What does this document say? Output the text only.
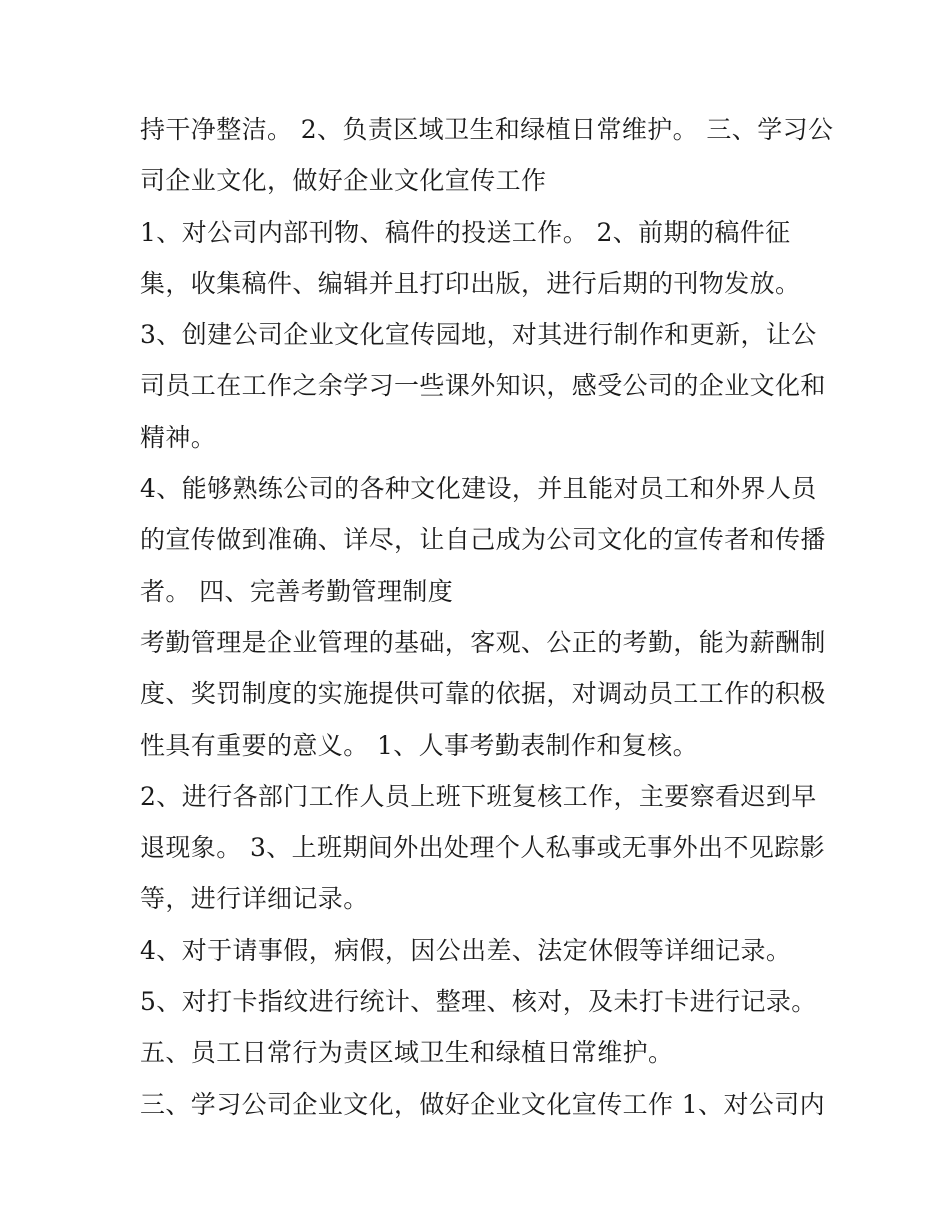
持干净整洁。 2、负责区域卫生和绿植日常维护。 三、学习公
司企业文化，做好企业文化宣传工作
1、对公司内部刊物、稿件的投送工作。 2、前期的稿件征
集，收集稿件、编辑并且打印出版，进行后期的刊物发放。
3、创建公司企业文化宣传园地，对其进行制作和更新，让公
司员工在工作之余学习一些课外知识，感受公司的企业文化和
精神。
4、能够熟练公司的各种文化建设，并且能对员工和外界人员
的宣传做到准确、详尽，让自己成为公司文化的宣传者和传播
者。 四、完善考勤管理制度
考勤管理是企业管理的基础，客观、公正的考勤，能为薪酬制
度、奖罚制度的实施提供可靠的依据，对调动员工工作的积极
性具有重要的意义。 1、人事考勤表制作和复核。
2、进行各部门工作人员上班下班复核工作，主要察看迟到早
退现象。 3、上班期间外出处理个人私事或无事外出不见踪影
等，进行详细记录。
4、对于请事假，病假，因公出差、法定休假等详细记录。
5、对打卡指纹进行统计、整理、核对，及未打卡进行记录。
五、员工日常行为责区域卫生和绿植日常维护。
三、学习公司企业文化，做好企业文化宣传工作 1、对公司内
